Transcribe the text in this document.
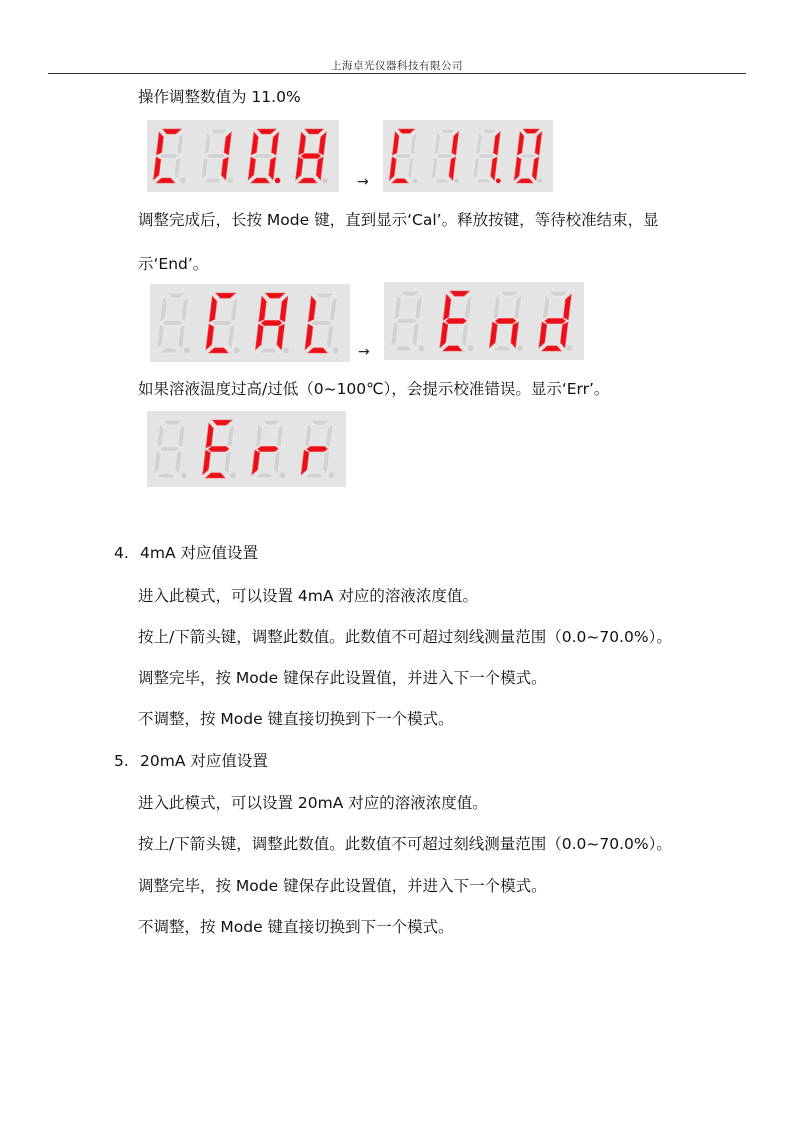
上海卓光仪器科技有限公司
操作调整数值为 11.0%
→
调整完成后，长按 Mode 键，直到显示‘Cal’。释放按键，等待校准结束，显
示‘End’。
→
如果溶液温度过高/过低（0~100℃），会提示校准错误。显示‘Err’。
4. 4mA 对应值设置
进入此模式，可以设置 4mA 对应的溶液浓度值。
按上/下箭头键，调整此数值。此数值不可超过刻线测量范围（0.0~70.0%）。
调整完毕，按 Mode 键保存此设置值，并进入下一个模式。
不调整，按 Mode 键直接切换到下一个模式。
5. 20mA 对应值设置
进入此模式，可以设置 20mA 对应的溶液浓度值。
按上/下箭头键，调整此数值。此数值不可超过刻线测量范围（0.0~70.0%）。
调整完毕，按 Mode 键保存此设置值，并进入下一个模式。
不调整，按 Mode 键直接切换到下一个模式。
